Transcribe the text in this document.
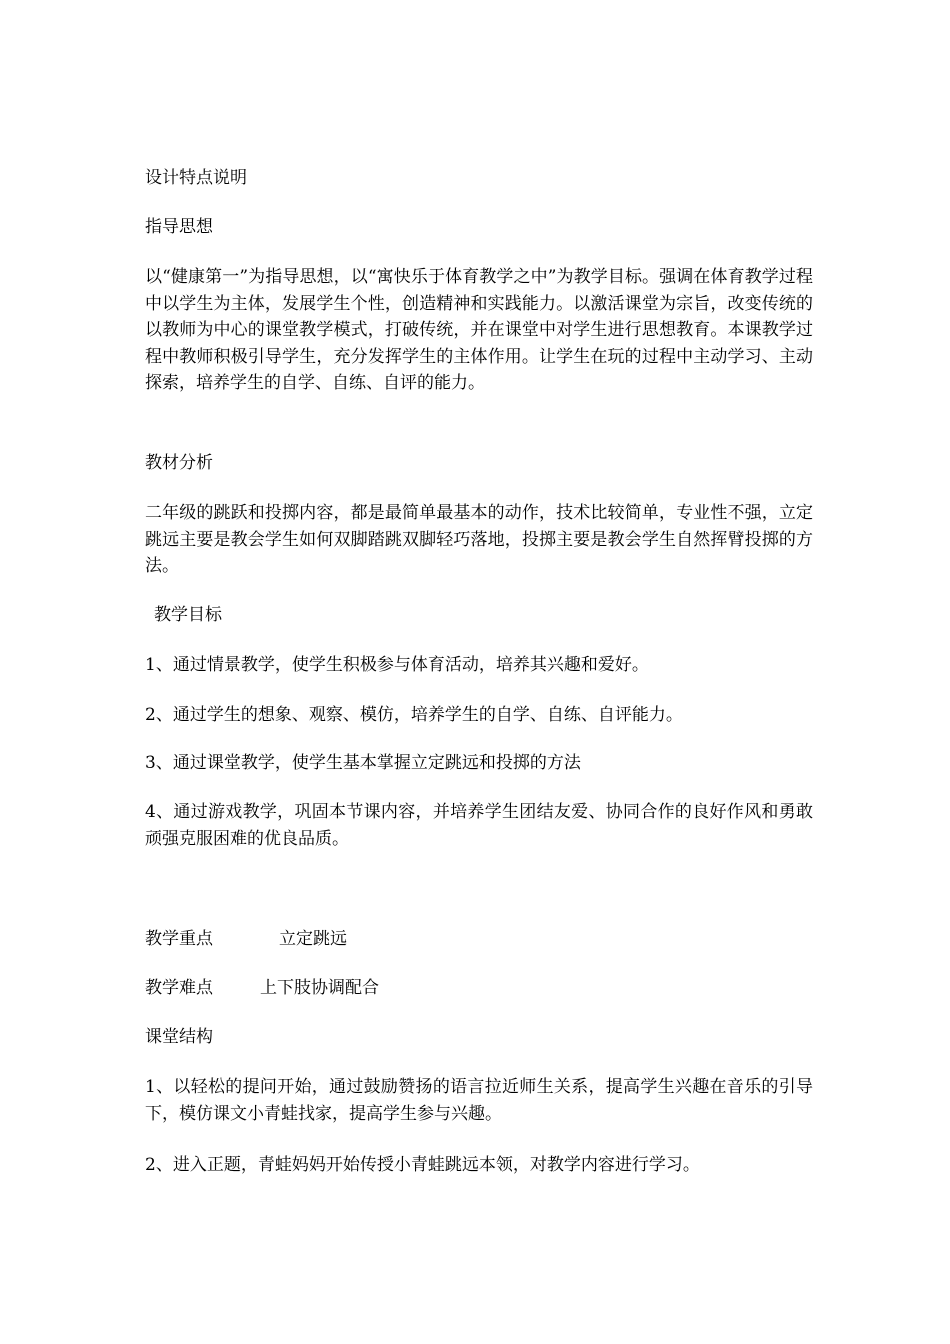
设计特点说明
指导思想
以“健康第一”为指导思想，以“寓快乐于体育教学之中”为教学目标。强调在体育教学过程中以学生为主体，发展学生个性，创造精神和实践能力。以激活课堂为宗旨，改变传统的以教师为中心的课堂教学模式，打破传统，并在课堂中对学生进行思想教育。本课教学过程中教师积极引导学生，充分发挥学生的主体作用。让学生在玩的过程中主动学习、主动探索，培养学生的自学、自练、自评的能力。
教材分析
二年级的跳跃和投掷内容，都是最简单最基本的动作，技术比较简单，专业性不强，立定跳远主要是教会学生如何双脚踏跳双脚轻巧落地，投掷主要是教会学生自然挥臂投掷的方法。
教学目标
1、通过情景教学，使学生积极参与体育活动，培养其兴趣和爱好。
2、通过学生的想象、观察、模仿，培养学生的自学、自练、自评能力。
3、通过课堂教学，使学生基本掌握立定跳远和投掷的方法
4、通过游戏教学，巩固本节课内容，并培养学生团结友爱、协同合作的良好作风和勇敢顽强克服困难的优良品质。
教学重点	立定跳远
教学难点	上下肢协调配合
课堂结构
1、以轻松的提问开始，通过鼓励赞扬的语言拉近师生关系，提高学生兴趣在音乐的引导下，模仿课文小青蛙找家，提高学生参与兴趣。
2、进入正题，青蛙妈妈开始传授小青蛙跳远本领，对教学内容进行学习。
